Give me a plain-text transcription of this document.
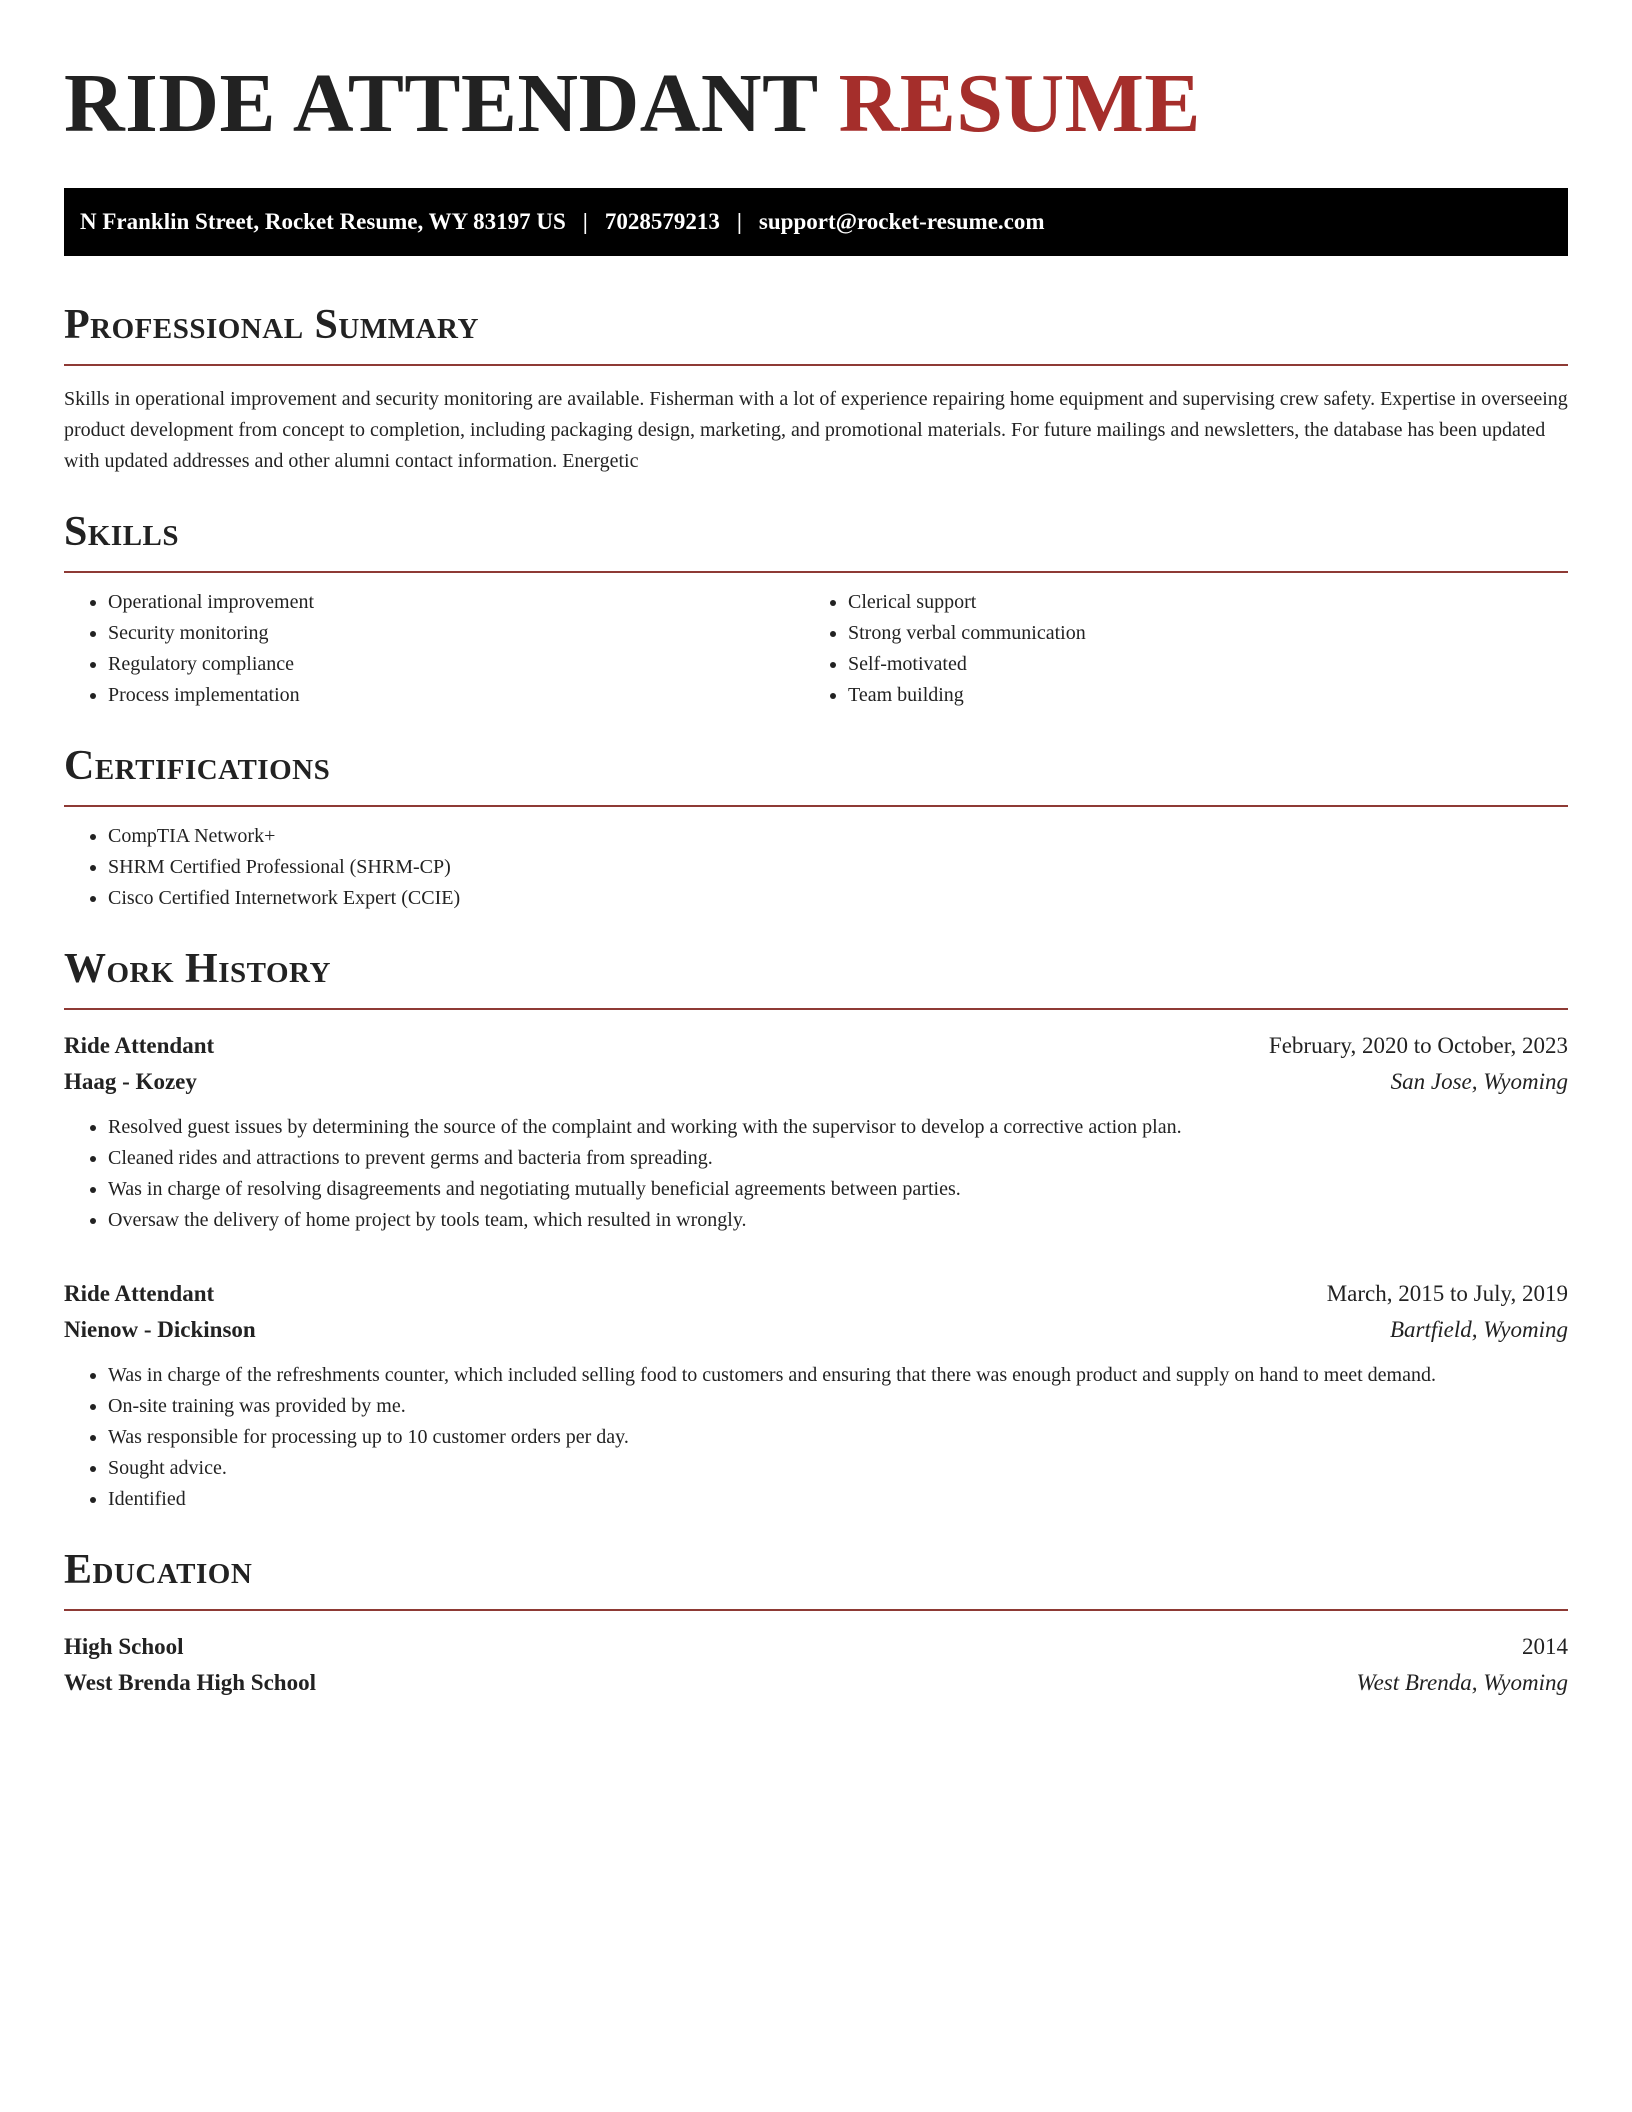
RIDE ATTENDANT RESUME
N Franklin Street, Rocket Resume, WY 83197 US | 7028579213 | support@rocket-resume.com
Professional Summary

Skills in operational improvement and security monitoring are available. Fisherman with a lot of experience repairing home equipment and supervising crew safety. Expertise in overseeing product development from concept to completion, including packaging design, marketing, and promotional materials. For future mailings and newsletters, the database has been updated with updated addresses and other alumni contact information. Energetic

Skills
• Operational improvement
• Security monitoring
• Regulatory compliance
• Process implementation
• Clerical support
• Strong verbal communication
• Self-motivated
• Team building
Certifications
• CompTIA Network+
• SHRM Certified Professional (SHRM-CP)
• Cisco Certified Internetwork Expert (CCIE)
Work History
Ride Attendant	February, 2020 to October, 2023
Haag - Kozey	San Jose, Wyoming
• Resolved guest issues by determining the source of the complaint and working with the supervisor to develop a corrective action plan.
• Cleaned rides and attractions to prevent germs and bacteria from spreading.
• Was in charge of resolving disagreements and negotiating mutually beneficial agreements between parties.
• Oversaw the delivery of home project by tools team, which resulted in wrongly.
Ride Attendant	March, 2015 to July, 2019
Nienow - Dickinson	Bartfield, Wyoming
• Was in charge of the refreshments counter, which included selling food to customers and ensuring that there was enough product and supply on hand to meet demand.
• On-site training was provided by me.
• Was responsible for processing up to 10 customer orders per day.
• Sought advice.
• Identified
Education
High School	2014
West Brenda High School	West Brenda, Wyoming
